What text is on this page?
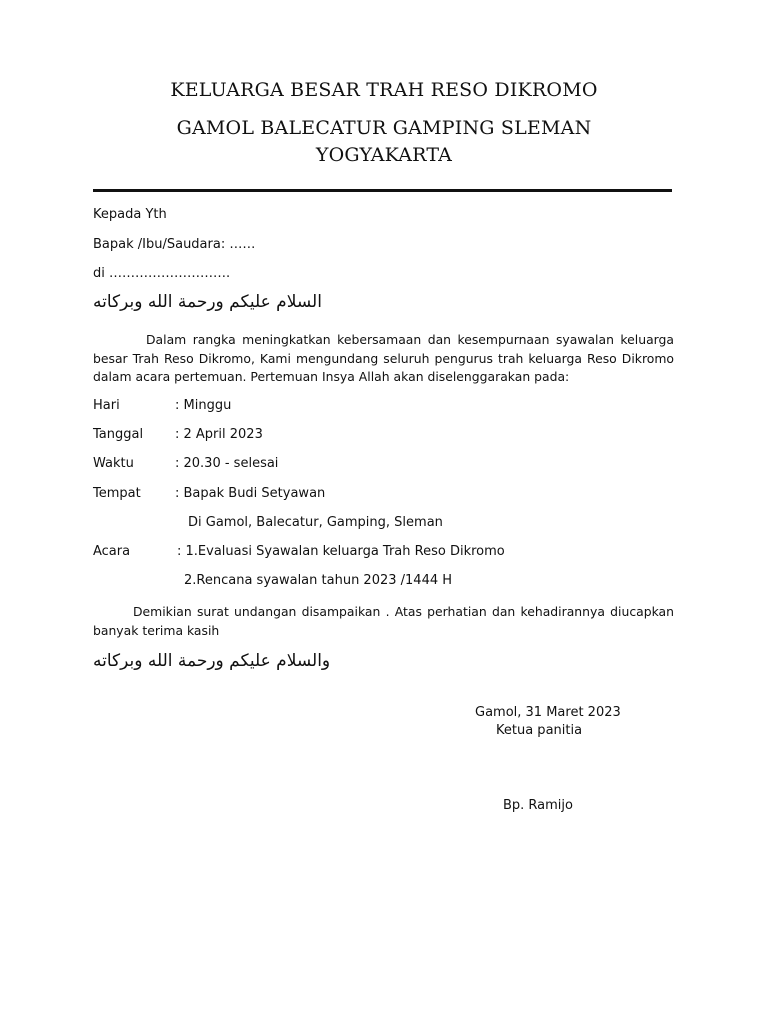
KELUARGA BESAR TRAH RESO DIKROMO
GAMOL BALECATUR GAMPING SLEMAN
YOGYAKARTA
Kepada Yth
Bapak /Ibu/Saudara: ……
di ……………………….
السلام عليكم ورحمة الله وبركاته
Dalam rangka meningkatkan kebersamaan dan kesempurnaan syawalan keluarga besar Trah Reso Dikromo, Kami mengundang seluruh pengurus trah keluarga Reso Dikromo dalam acara pertemuan. Pertemuan Insya Allah akan diselenggarakan pada:
Hari	: Minggu
Tanggal : 2 April 2023
Waktu	: 20.30 - selesai
Tempat	: Bapak Budi Setyawan
Di Gamol, Balecatur, Gamping, Sleman
Acara	: 1.Evaluasi Syawalan keluarga Trah Reso Dikromo
2.Rencana syawalan tahun 2023 /1444 H
Demikian surat undangan disampaikan . Atas perhatian dan kehadirannya diucapkan banyak terima kasih
والسلام عليكم ورحمة الله وبركاته
Gamol, 31 Maret 2023
Ketua panitia
Bp. Ramijo
